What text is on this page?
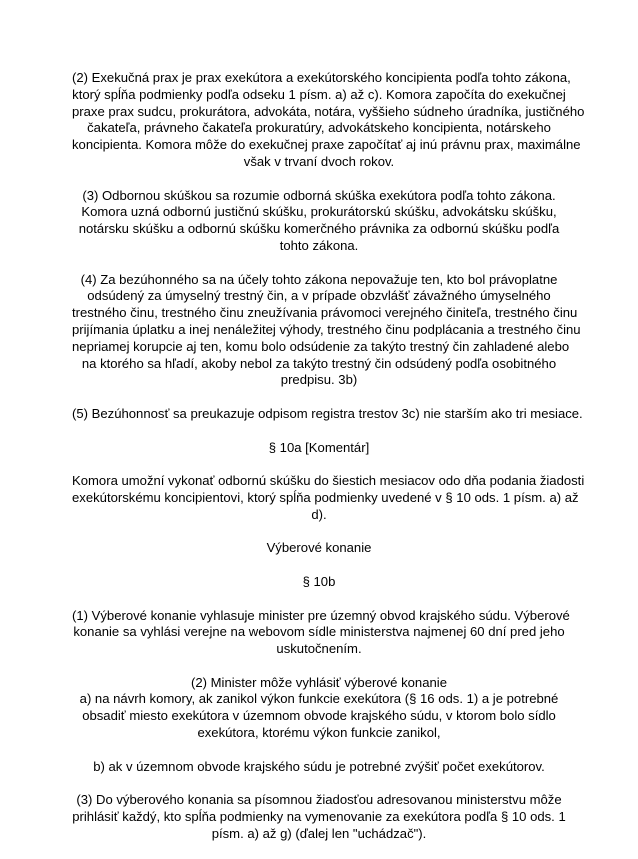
(2) Exekučná prax je prax exekútora a exekútorského koncipienta podľa tohto zákona,
ktorý spĺňa podmienky podľa odseku 1 písm. a) až c). Komora započíta do exekučnej
praxe prax sudcu, prokurátora, advokáta, notára, vyššieho súdneho úradníka, justičného
čakateľa, právneho čakateľa prokuratúry, advokátskeho koncipienta, notárskeho
koncipienta. Komora môže do exekučnej praxe započítať aj inú právnu prax, maximálne
však v trvaní dvoch rokov.

(3) Odbornou skúškou sa rozumie odborná skúška exekútora podľa tohto zákona.
Komora uzná odbornú justičnú skúšku, prokurátorskú skúšku, advokátsku skúšku,
notársku skúšku a odbornú skúšku komerčného právnika za odbornú skúšku podľa
tohto zákona.

(4) Za bezúhonného sa na účely tohto zákona nepovažuje ten, kto bol právoplatne
odsúdený za úmyselný trestný čin, a v prípade obzvlášť závažného úmyselného
trestného činu, trestného činu zneužívania právomoci verejného činiteľa, trestného činu
prijímania úplatku a inej nenáležitej výhody, trestného činu podplácania a trestného činu
nepriamej korupcie aj ten, komu bolo odsúdenie za takýto trestný čin zahladené alebo
na ktorého sa hľadí, akoby nebol za takýto trestný čin odsúdený podľa osobitného
predpisu. 3b)

(5) Bezúhonnosť sa preukazuje odpisom registra trestov 3c) nie starším ako tri mesiace.

§ 10a [Komentár]

Komora umožní vykonať odbornú skúšku do šiestich mesiacov odo dňa podania žiadosti
exekútorskému koncipientovi, ktorý spĺňa podmienky uvedené v § 10 ods. 1 písm. a) až
d).

Výberové konanie

§ 10b

(1) Výberové konanie vyhlasuje minister pre územný obvod krajského súdu. Výberové
konanie sa vyhlási verejne na webovom sídle ministerstva najmenej 60 dní pred jeho
uskutočnením.

(2) Minister môže vyhlásiť výberové konanie

a) na návrh komory, ak zanikol výkon funkcie exekútora (§ 16 ods. 1) a je potrebné
obsadiť miesto exekútora v územnom obvode krajského súdu, v ktorom bolo sídlo
exekútora, ktorému výkon funkcie zanikol,

b) ak v územnom obvode krajského súdu je potrebné zvýšiť počet exekútorov.

(3) Do výberového konania sa písomnou žiadosťou adresovanou ministerstvu môže
prihlásiť každý, kto spĺňa podmienky na vymenovanie za exekútora podľa § 10 ods. 1
písm. a) až g) (ďalej len "uchádzač").
